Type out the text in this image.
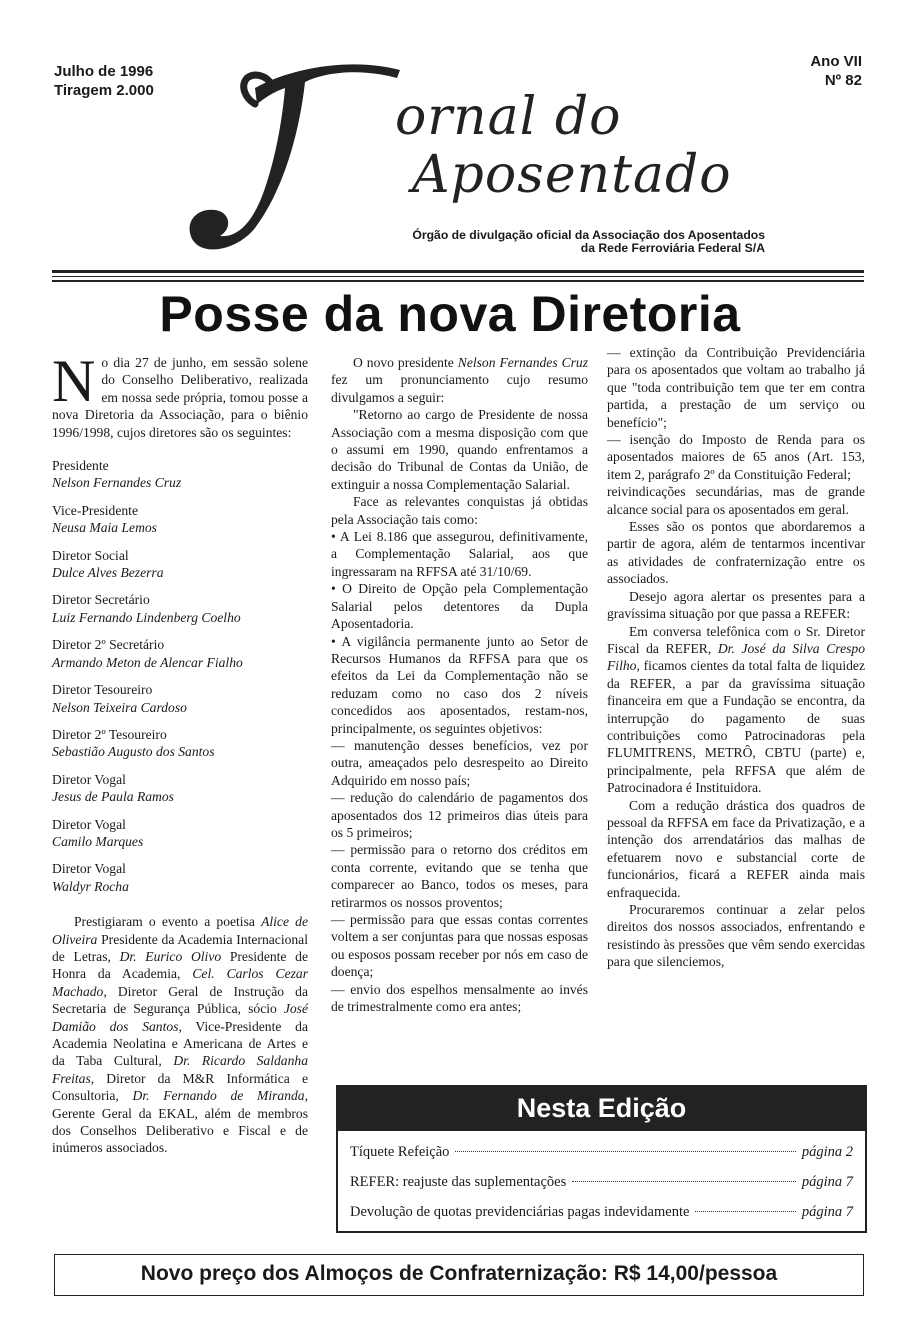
Julho de 1996
Tiragem 2.000
Ano VII
Nº 82
ornal do
Aposentado
Órgão de divulgação oficial da Associação dos Aposentados
da Rede Ferroviária Federal S/A
Posse da nova Diretoria

No dia 27 de junho, em sessão solene do Conselho Deliberativo, realizada em nossa sede própria, tomou posse a nova Diretoria da Associação, para o biênio 1996/1998, cujos diretores são os seguintes:

Presidente
Nelson Fernandes Cruz
Vice-Presidente
Neusa Maia Lemos
Diretor Social
Dulce Alves Bezerra
Diretor Secretário
Luiz Fernando Lindenberg Coelho
Diretor 2º Secretário
Armando Meton de Alencar Fialho
Diretor Tesoureiro
Nelson Teixeira Cardoso
Diretor 2º Tesoureiro
Sebastião Augusto dos Santos
Diretor Vogal
Jesus de Paula Ramos
Diretor Vogal
Camilo Marques
Diretor Vogal
Waldyr Rocha

Prestigiaram o evento a poetisa Alice de Oliveira Presidente da Academia Internacional de Letras, Dr. Eurico Olivo Presidente de Honra da Academia, Cel. Carlos Cezar Machado, Diretor Geral de Instrução da Secretaria de Segurança Pública, sócio José Damião dos Santos, Vice-Presidente da Academia Neolatina e Americana de Artes e da Taba Cultural, Dr. Ricardo Saldanha Freitas, Diretor da M&R Informática e Consultoria, Dr. Fernando de Miranda, Gerente Geral da EKAL, além de membros dos Conselhos Deliberativo e Fiscal e de inúmeros associados.

O novo presidente Nelson Fernandes Cruz fez um pronunciamento cujo resumo divulgamos a seguir:

"Retorno ao cargo de Presidente de nossa Associação com a mesma disposição com que o assumi em 1990, quando enfrentamos a decisão do Tribunal de Contas da União, de extinguir a nossa Complementação Salarial.

Face as relevantes conquistas já obtidas pela Associação tais como:

• A Lei 8.186 que assegurou, definitivamente, a Complementação Salarial, aos que ingressaram na RFFSA até 31/10/69.

• O Direito de Opção pela Complementação Salarial pelos detentores da Dupla Aposentadoria.

• A vigilância permanente junto ao Setor de Recursos Humanos da RFFSA para que os efeitos da Lei da Complementação não se reduzam como no caso dos 2 níveis concedidos aos aposentados, restam-nos, principalmente, os seguintes objetivos:

— manutenção desses benefícios, vez por outra, ameaçados pelo desrespeito ao Direito Adquirido em nosso país;

— redução do calendário de pagamentos dos aposentados dos 12 primeiros dias úteis para os 5 primeiros;

— permissão para o retorno dos créditos em conta corrente, evitando que se tenha que comparecer ao Banco, todos os meses, para retirarmos os nossos proventos;

— permissão para que essas contas correntes voltem a ser conjuntas para que nossas esposas ou esposos possam receber por nós em caso de doença;

— envio dos espelhos mensalmente ao invés de trimestralmente como era antes;

— extinção da Contribuição Previdenciária para os aposentados que voltam ao trabalho já que "toda contribuição tem que ter em contra partida, a prestação de um serviço ou benefício";

— isenção do Imposto de Renda para os aposentados maiores de 65 anos (Art. 153, item 2, parágrafo 2º da Constituição Federal;

reivindicações secundárias, mas de grande alcance social para os aposentados em geral.

Esses são os pontos que abordaremos a partir de agora, além de tentarmos incentivar as atividades de confraternização entre os associados.

Desejo agora alertar os presentes para a gravíssima situação por que passa a REFER:

Em conversa telefônica com o Sr. Diretor Fiscal da REFER, Dr. José da Silva Crespo Filho, ficamos cientes da total falta de liquidez da REFER, a par da gravíssima situação financeira em que a Fundação se encontra, da interrupção do pagamento de suas contribuições como Patrocinadoras pela FLUMITRENS, METRÔ, CBTU (parte) e, principalmente, pela RFFSA que além de Patrocinadora é Instituidora.

Com a redução drástica dos quadros de pessoal da RFFSA em face da Privatização, e a intenção dos arrendatários das malhas de efetuarem novo e substancial corte de funcionários, ficará a REFER ainda mais enfraquecida.

Procuraremos continuar a zelar pelos direitos dos nossos associados, enfrentando e resistindo às pressões que vêm sendo exercidas para que silenciemos,

Nesta Edição
Tíquete Refeição	página 2
REFER: reajuste das suplementações	página 7
Devolução de quotas previdenciárias pagas indevidamente	página 7
Novo preço dos Almoços de Confraternização: R$ 14,00/pessoa
